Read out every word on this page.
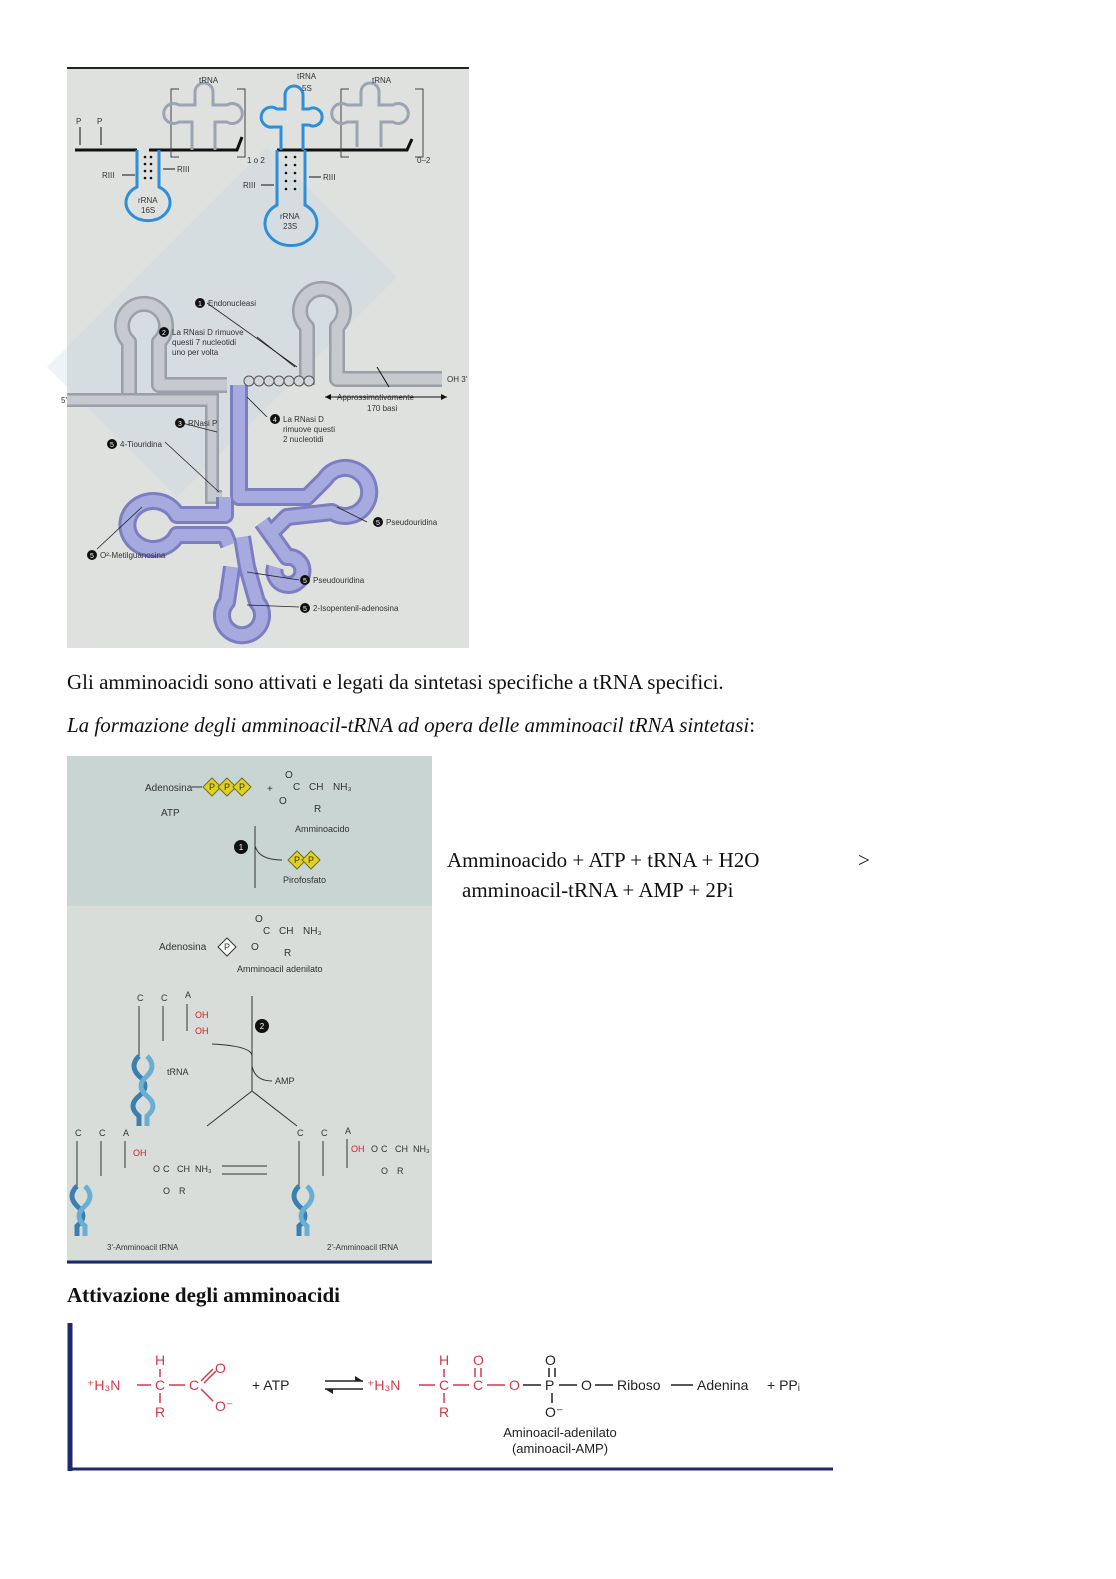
1
2
3
4
5
5
5
5
5
P P
tRNA	tRNA
5S
tRNA
1 o 2	0–2
RIII
RIII
RIII
RIII
rRNA
16S
rRNA
23S
Endonucleasi
La RNasi D rimuove
questi 7 nucleotidi
uno per volta
5'
OH 3'
Approssimativamente
170 basi
RNasi P	La RNasi D
rimuove questi
2 nucleotidi
4-Tiouridina
Pseudouridina
O²-Metilguanosina
Pseudouridina
2-Isopentenil-adenosina
Gli amminoacidi sono attivati e legati da sintetasi specifiche a tRNA specifici.
La formazione degli amminoacil-tRNA ad opera delle amminoacil tRNA sintetasi:
Adenosina P P P
ATP
+
O
C CH NH₃
O
R
Amminoacido
1
P P
Pirofosfato
Adenosina P
O
C CH NH₃
O
R
Amminoacil adenilato
C C A
OH
OH
tRNA
2
AMP
C C A
OH
O C CH NH₃
O R
3'-Amminoacil tRNA
C C A
OH O C CH NH₃
O R
2'-Amminoacil tRNA
Amminoacido + ATP + tRNA + H2O	>
amminoacil-tRNA + AMP + 2Pi
Attivazione degli amminoacidi
⁺H₃N C
H
R
C
O
O⁻
+ ATP	⁺H₃N	C
H
R
C
O
O P
O
O⁻
O Riboso	Adenina + PPᵢ
Aminoacil-adenilato
(aminoacil-AMP)
